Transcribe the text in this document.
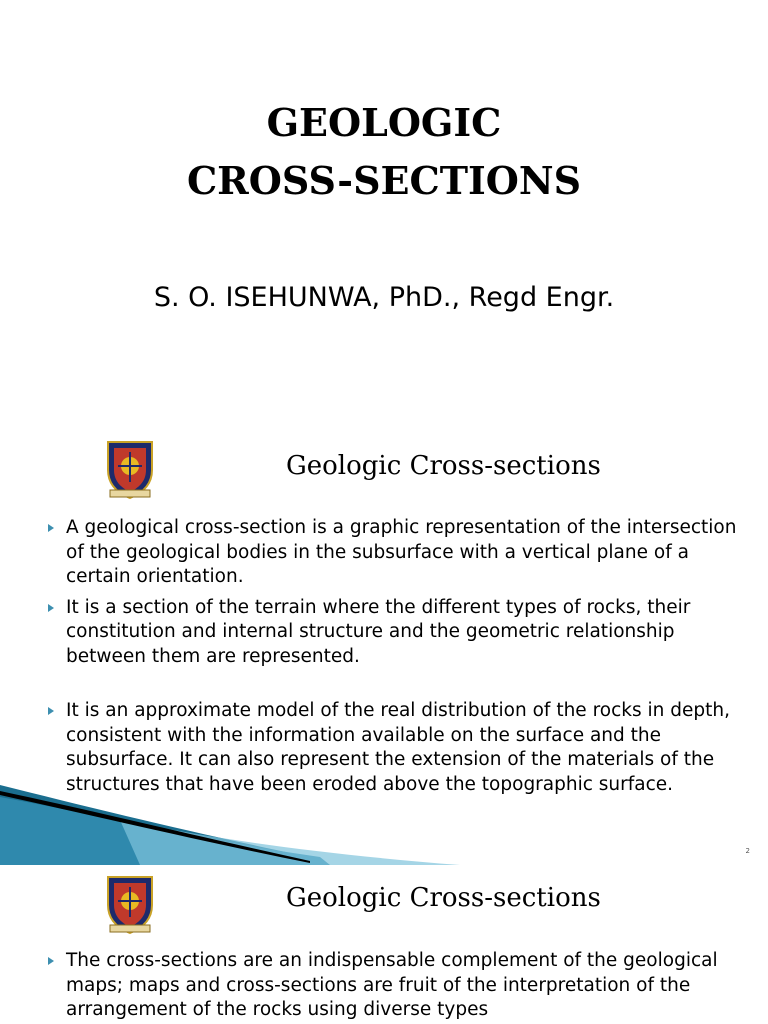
GEOLOGIC
CROSS-SECTIONS
S. O. ISEHUNWA, PhD., Regd Engr.
Geologic Cross-sections
A geological cross-section is a graphic representation of the intersection of the geological bodies in the subsurface with a vertical plane of a certain orientation.
It is a section of the terrain where the different types of rocks, their constitution and internal structure and the geometric relationship between them are represented.
It is an approximate model of the real distribution of the rocks in depth, consistent with the information available on the surface and the subsurface. It can also represent the extension of the materials of the structures that have been eroded above the topographic surface.
2
Geologic Cross-sections
The cross-sections are an indispensable complement of the geological maps; maps and cross-sections are fruit of the interpretation of the arrangement of the rocks using diverse types
